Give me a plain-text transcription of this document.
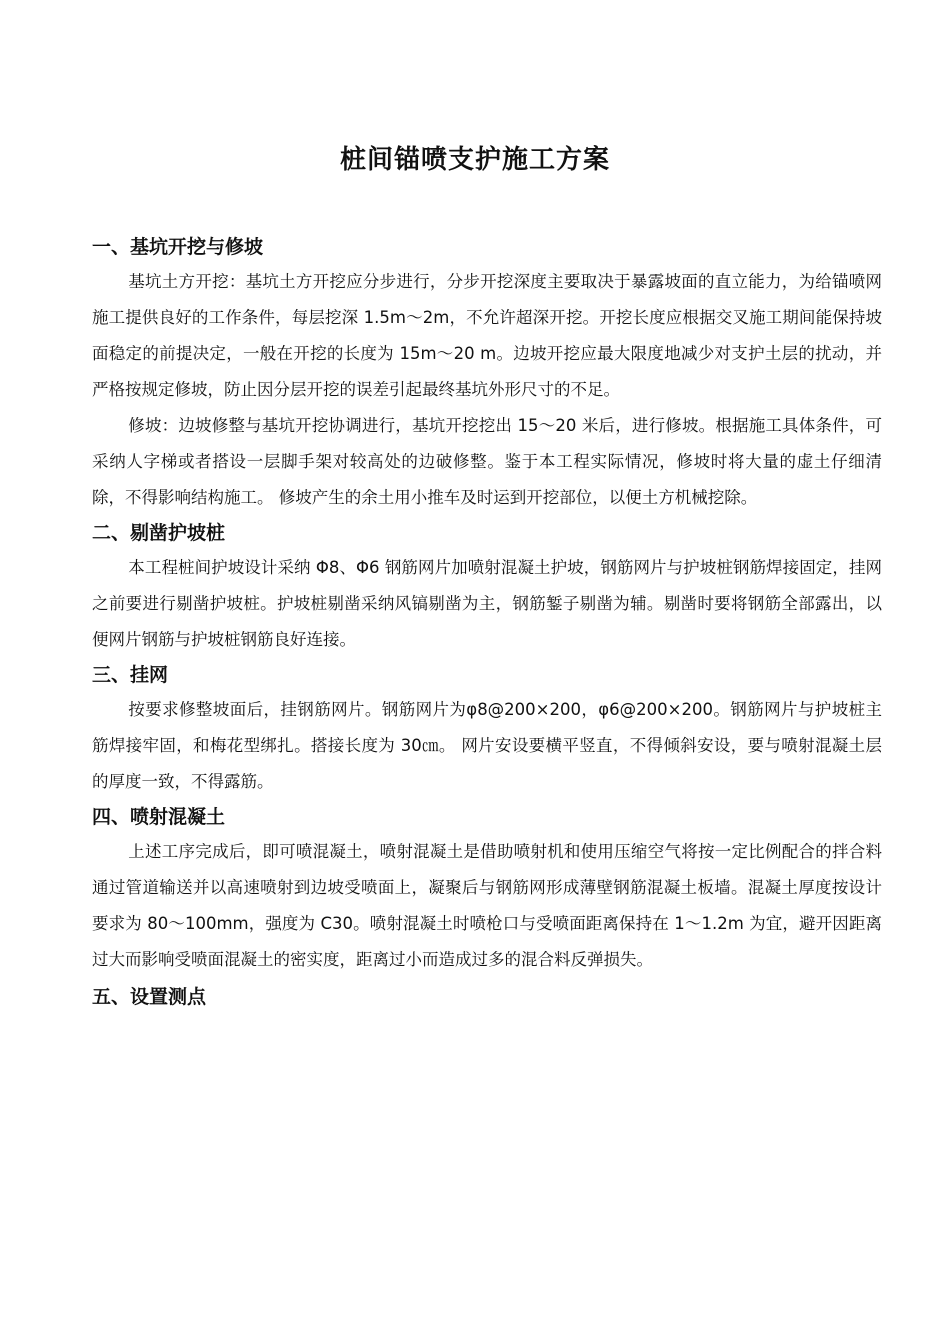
桩间锚喷支护施工方案
一、基坑开挖与修坡

基坑土方开挖：基坑土方开挖应分步进行，分步开挖深度主要取决于暴露坡面的直立能力，为给锚喷网施工提供良好的工作条件，每层挖深 1.5m～2m，不允许超深开挖。开挖长度应根据交叉施工期间能保持坡面稳定的前提决定，一般在开挖的长度为 15m～20 m。边坡开挖应最大限度地减少对支护土层的扰动，并严格按规定修坡，防止因分层开挖的误差引起最终基坑外形尺寸的不足。

修坡：边坡修整与基坑开挖协调进行，基坑开挖挖出 15～20 米后，进行修坡。根据施工具体条件，可采纳人字梯或者搭设一层脚手架对较高处的边破修整。鉴于本工程实际情况，修坡时将大量的虚土仔细清除，不得影响结构施工。 修坡产生的余土用小推车及时运到开挖部位，以便土方机械挖除。

二、剔凿护坡桩

本工程桩间护坡设计采纳 Φ8、Φ6 钢筋网片加喷射混凝土护坡，钢筋网片与护坡桩钢筋焊接固定，挂网之前要进行剔凿护坡桩。护坡桩剔凿采纳风镐剔凿为主，钢筋錾子剔凿为辅。剔凿时要将钢筋全部露出，以便网片钢筋与护坡桩钢筋良好连接。

三、挂网

按要求修整坡面后，挂钢筋网片。钢筋网片为φ8@200×200，φ6@200×200。钢筋网片与护坡桩主筋焊接牢固，和梅花型绑扎。搭接长度为 30㎝。 网片安设要横平竖直，不得倾斜安设，要与喷射混凝土层的厚度一致，不得露筋。

四、喷射混凝土

上述工序完成后，即可喷混凝土，喷射混凝土是借助喷射机和使用压缩空气将按一定比例配合的拌合料通过管道输送并以高速喷射到边坡受喷面上，凝聚后与钢筋网形成薄壁钢筋混凝土板墙。混凝土厚度按设计要求为 80～100mm，强度为 C30。喷射混凝土时喷枪口与受喷面距离保持在 1～1.2m 为宜，避开因距离过大而影响受喷面混凝土的密实度，距离过小而造成过多的混合料反弹损失。

五、设置测点
